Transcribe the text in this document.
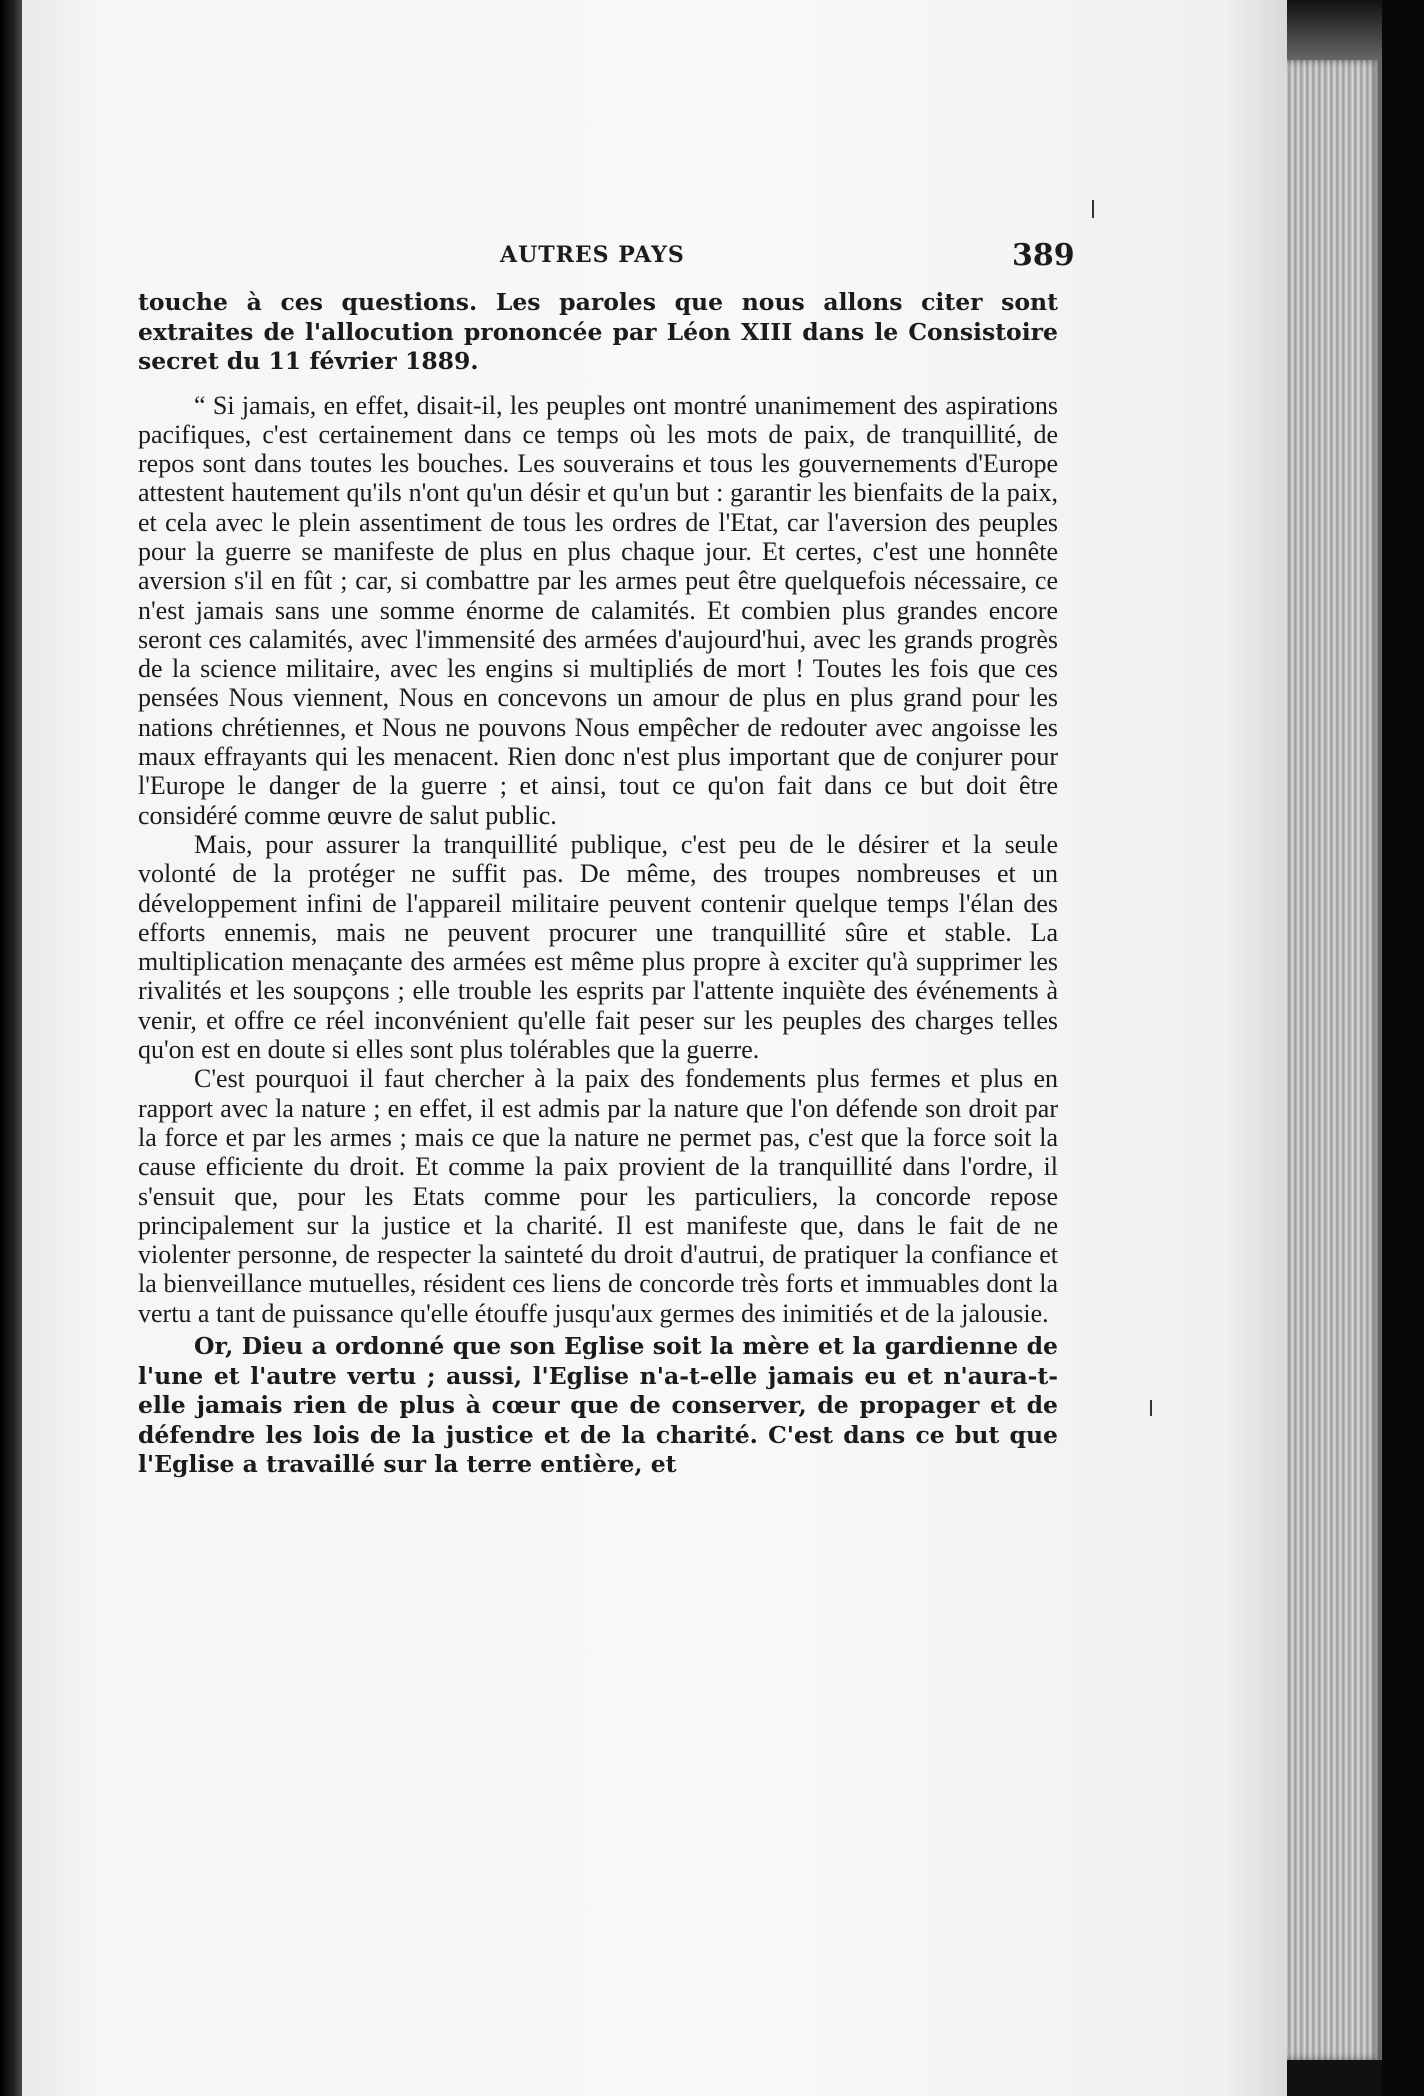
AUTRES PAYS	389

touche à ces questions. Les paroles que nous allons citer sont extraites de l'allocution prononcée par Léon XIII dans le Consistoire secret du 11 février 1889.

“ Si jamais, en effet, disait-il, les peuples ont montré unanimement des aspirations pacifiques, c'est certainement dans ce temps où les mots de paix, de tranquillité, de repos sont dans toutes les bouches. Les souverains et tous les gouvernements d'Europe attestent hautement qu'ils n'ont qu'un désir et qu'un but : garantir les bienfaits de la paix, et cela avec le plein assentiment de tous les ordres de l'Etat, car l'aversion des peuples pour la guerre se manifeste de plus en plus chaque jour. Et certes, c'est une honnête aversion s'il en fût ; car, si combattre par les armes peut être quelquefois nécessaire, ce n'est jamais sans une somme énorme de calamités. Et combien plus grandes encore seront ces calamités, avec l'immensité des armées d'aujourd'hui, avec les grands progrès de la science militaire, avec les engins si multipliés de mort ! Toutes les fois que ces pensées Nous viennent, Nous en concevons un amour de plus en plus grand pour les nations chrétiennes, et Nous ne pouvons Nous empêcher de redouter avec angoisse les maux effrayants qui les menacent. Rien donc n'est plus important que de conjurer pour l'Europe le danger de la guerre ; et ainsi, tout ce qu'on fait dans ce but doit être considéré comme œuvre de salut public.

Mais, pour assurer la tranquillité publique, c'est peu de le désirer et la seule volonté de la protéger ne suffit pas. De même, des troupes nombreuses et un développement infini de l'appareil militaire peuvent contenir quelque temps l'élan des efforts ennemis, mais ne peuvent procurer une tranquillité sûre et stable. La multiplication menaçante des armées est même plus propre à exciter qu'à supprimer les rivalités et les soupçons ; elle trouble les esprits par l'attente inquiète des événements à venir, et offre ce réel inconvénient qu'elle fait peser sur les peuples des charges telles qu'on est en doute si elles sont plus tolérables que la guerre.

C'est pourquoi il faut chercher à la paix des fondements plus fermes et plus en rapport avec la nature ; en effet, il est admis par la nature que l'on défende son droit par la force et par les armes ; mais ce que la nature ne permet pas, c'est que la force soit la cause efficiente du droit. Et comme la paix provient de la tranquillité dans l'ordre, il s'ensuit que, pour les Etats comme pour les particuliers, la concorde repose principalement sur la justice et la charité. Il est manifeste que, dans le fait de ne violenter personne, de respecter la sainteté du droit d'autrui, de pratiquer la confiance et la bienveillance mutuelles, résident ces liens de concorde très forts et immuables dont la vertu a tant de puissance qu'elle étouffe jusqu'aux germes des inimitiés et de la jalousie.

Or, Dieu a ordonné que son Eglise soit la mère et la gardienne de l'une et l'autre vertu ; aussi, l'Eglise n'a-t-elle jamais eu et n'aura-t-elle jamais rien de plus à cœur que de conserver, de propager et de défendre les lois de la justice et de la charité. C'est dans ce but que l'Eglise a travaillé sur la terre entière, et
